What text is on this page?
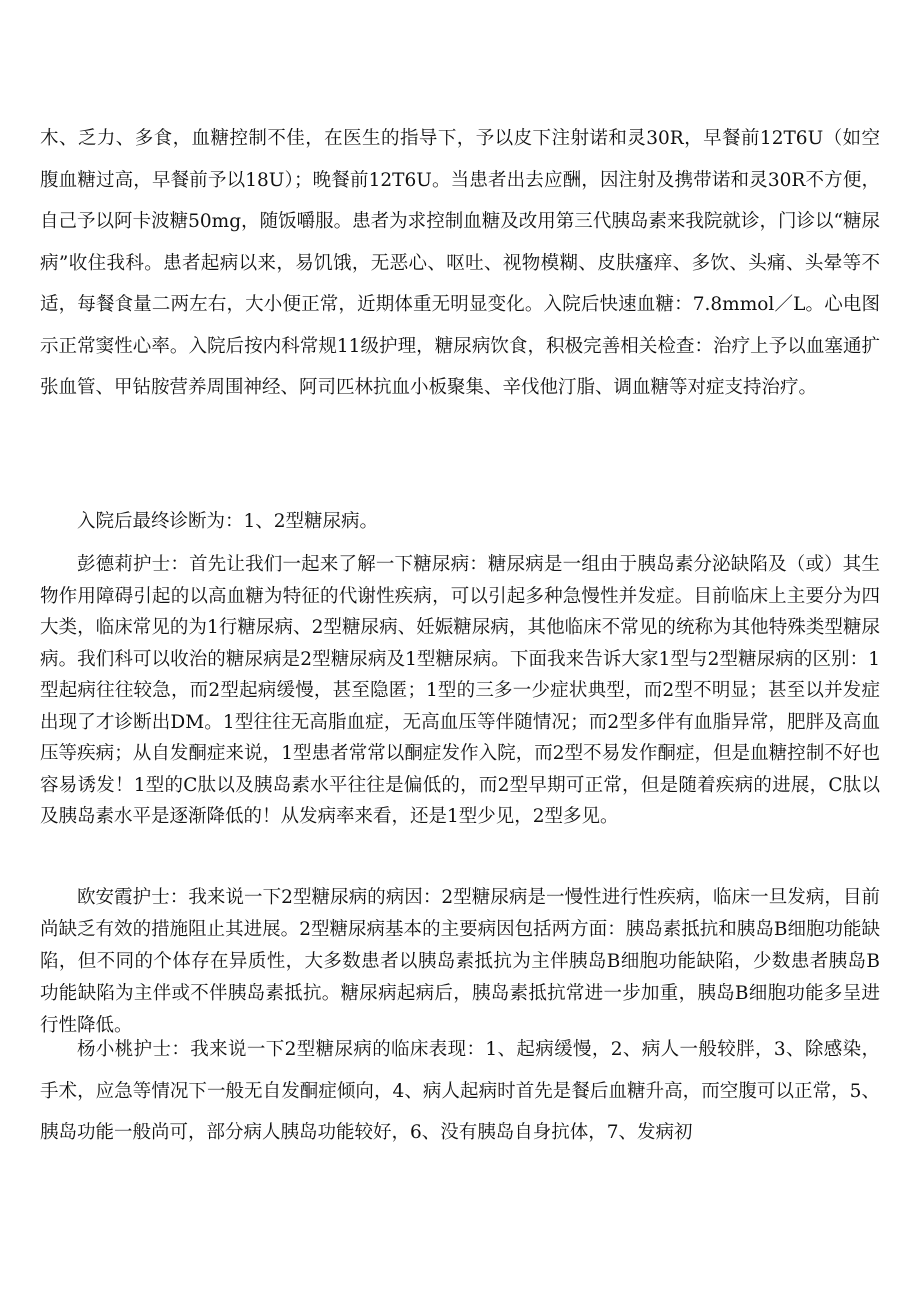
木、乏力、多食，血糖控制不佳，在医生的指导下，予以皮下注射诺和灵30R，早餐前12T6U（如空腹血糖过高，早餐前予以18U）；晚餐前12T6U。当患者出去应酬，因注射及携带诺和灵30R不方便，自己予以阿卡波糖50mg，随饭嚼服。患者为求控制血糖及改用第三代胰岛素来我院就诊，门诊以“糖尿病”收住我科。患者起病以来，易饥饿，无恶心、呕吐、视物模糊、皮肤瘙痒、多饮、头痛、头晕等不适，每餐食量二两左右，大小便正常，近期体重无明显变化。入院后快速血糖：7.8mmol／L。心电图示正常窦性心率。入院后按内科常规11级护理，糖尿病饮食，积极完善相关检查：治疗上予以血塞通扩张血管、甲钻胺营养周围神经、阿司匹林抗血小板聚集、辛伐他汀脂、调血糖等对症支持治疗。

入院后最终诊断为：1、2型糖尿病。

彭德莉护士：首先让我们一起来了解一下糖尿病：糖尿病是一组由于胰岛素分泌缺陷及（或）其生物作用障碍引起的以高血糖为特征的代谢性疾病，可以引起多种急慢性并发症。目前临床上主要分为四大类，临床常见的为1行糖尿病、2型糖尿病、妊娠糖尿病，其他临床不常见的统称为其他特殊类型糖尿病。我们科可以收治的糖尿病是2型糖尿病及1型糖尿病。下面我来告诉大家1型与2型糖尿病的区别：1型起病往往较急，而2型起病缓慢，甚至隐匿；1型的三多一少症状典型，而2型不明显；甚至以并发症出现了才诊断出DM。1型往往无高脂血症，无高血压等伴随情况；而2型多伴有血脂异常，肥胖及高血压等疾病；从自发酮症来说，1型患者常常以酮症发作入院，而2型不易发作酮症，但是血糖控制不好也容易诱发！1型的C肽以及胰岛素水平往往是偏低的，而2型早期可正常，但是随着疾病的进展，C肽以及胰岛素水平是逐渐降低的！从发病率来看，还是1型少见，2型多见。

欧安霞护士：我来说一下2型糖尿病的病因：2型糖尿病是一慢性进行性疾病，临床一旦发病，目前尚缺乏有效的措施阻止其进展。2型糖尿病基本的主要病因包括两方面：胰岛素抵抗和胰岛B细胞功能缺陷，但不同的个体存在异质性，大多数患者以胰岛素抵抗为主伴胰岛B细胞功能缺陷，少数患者胰岛B功能缺陷为主伴或不伴胰岛素抵抗。糖尿病起病后，胰岛素抵抗常进一步加重，胰岛B细胞功能多呈进行性降低。

杨小桃护士：我来说一下2型糖尿病的临床表现：1、起病缓慢，2、病人一般较胖，3、除感染，手术，应急等情况下一般无自发酮症倾向，4、病人起病时首先是餐后血糖升高，而空腹可以正常，5、胰岛功能一般尚可，部分病人胰岛功能较好，6、没有胰岛自身抗体，7、发病初
